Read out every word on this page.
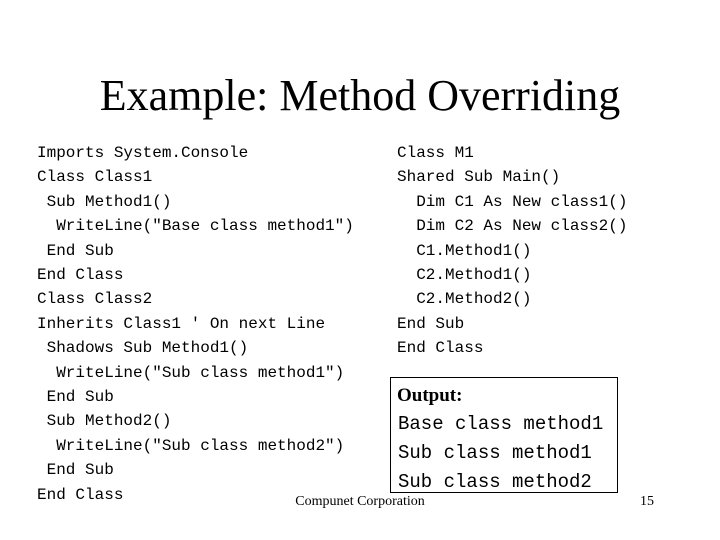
Example: Method Overriding
Imports System.Console
Class Class1
Sub Method1()
WriteLine("Base class method1")
End Sub
End Class
Class Class2
Inherits Class1 ' On next Line
Shadows Sub Method1()
WriteLine("Sub class method1")
End Sub
Sub Method2()
WriteLine("Sub class method2")
End Sub
End Class
Class M1
Shared Sub Main()
Dim C1 As New class1()
Dim C2 As New class2()
C1.Method1()
C2.Method1()
C2.Method2()
End Sub
End Class
Output:
Base class method1
Sub class method1
Sub class method2
Compunet Corporation	15
